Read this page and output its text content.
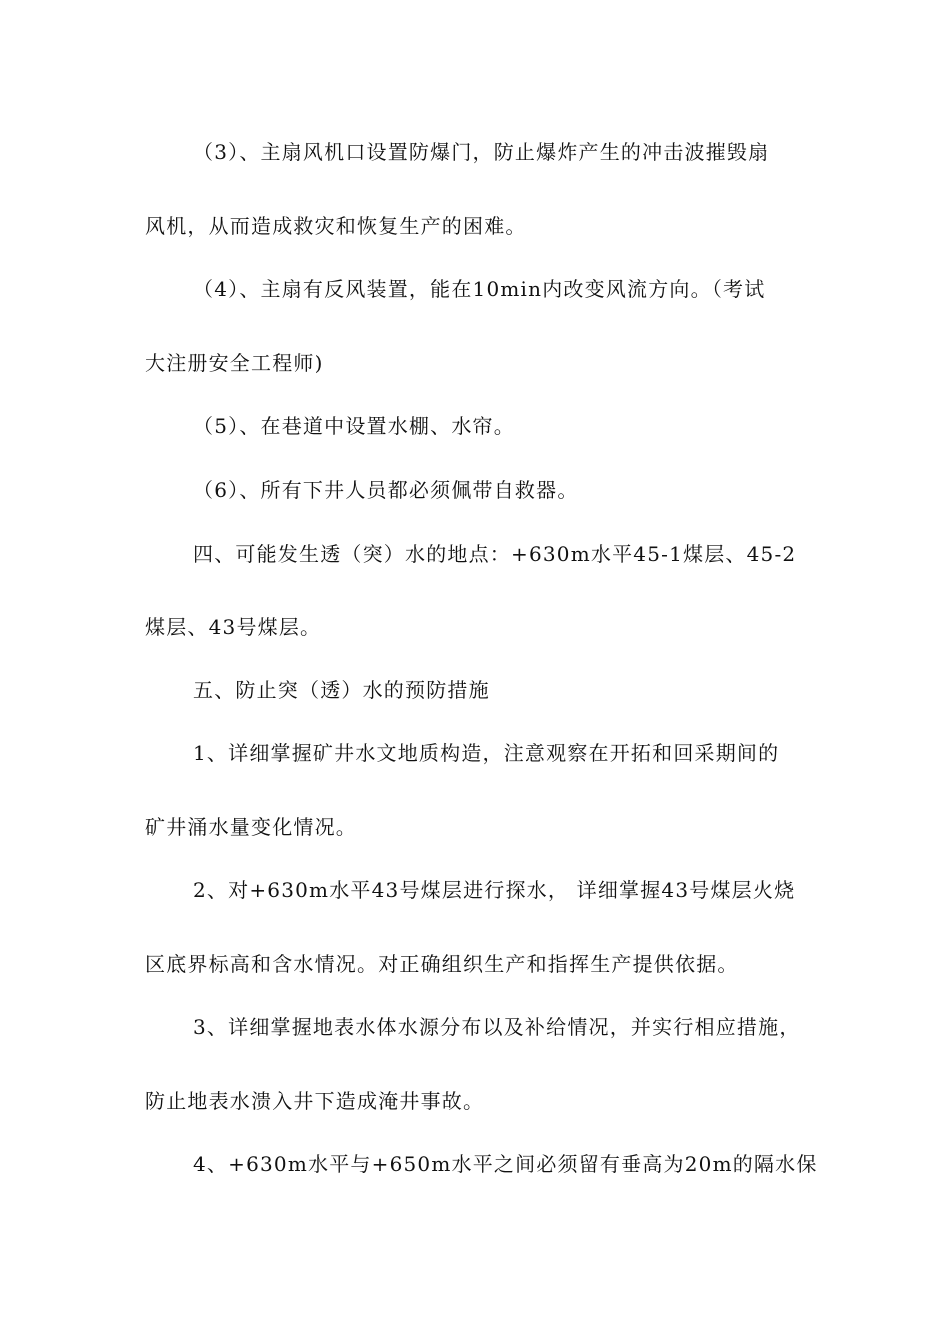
（3）、主扇风机口设置防爆门，防止爆炸产生的冲击波摧毁扇
风机，从而造成救灾和恢复生产的困难。
（4）、主扇有反风装置，能在10min内改变风流方向。（考试
大注册安全工程师)
（5）、在巷道中设置水棚、水帘。
（6）、所有下井人员都必须佩带自救器。
四、可能发生透（突）水的地点：+630m水平45-1煤层、45-2
煤层、43号煤层。
五、防止突（透）水的预防措施
1、详细掌握矿井水文地质构造，注意观察在开拓和回采期间的
矿井涌水量变化情况。
2、对+630m水平43号煤层进行探水， 详细掌握43号煤层火烧
区底界标高和含水情况。对正确组织生产和指挥生产提供依据。
3、详细掌握地表水体水源分布以及补给情况，并实行相应措施，
防止地表水溃入井下造成淹井事故。
4、+630m水平与+650m水平之间必须留有垂高为20m的隔水保
